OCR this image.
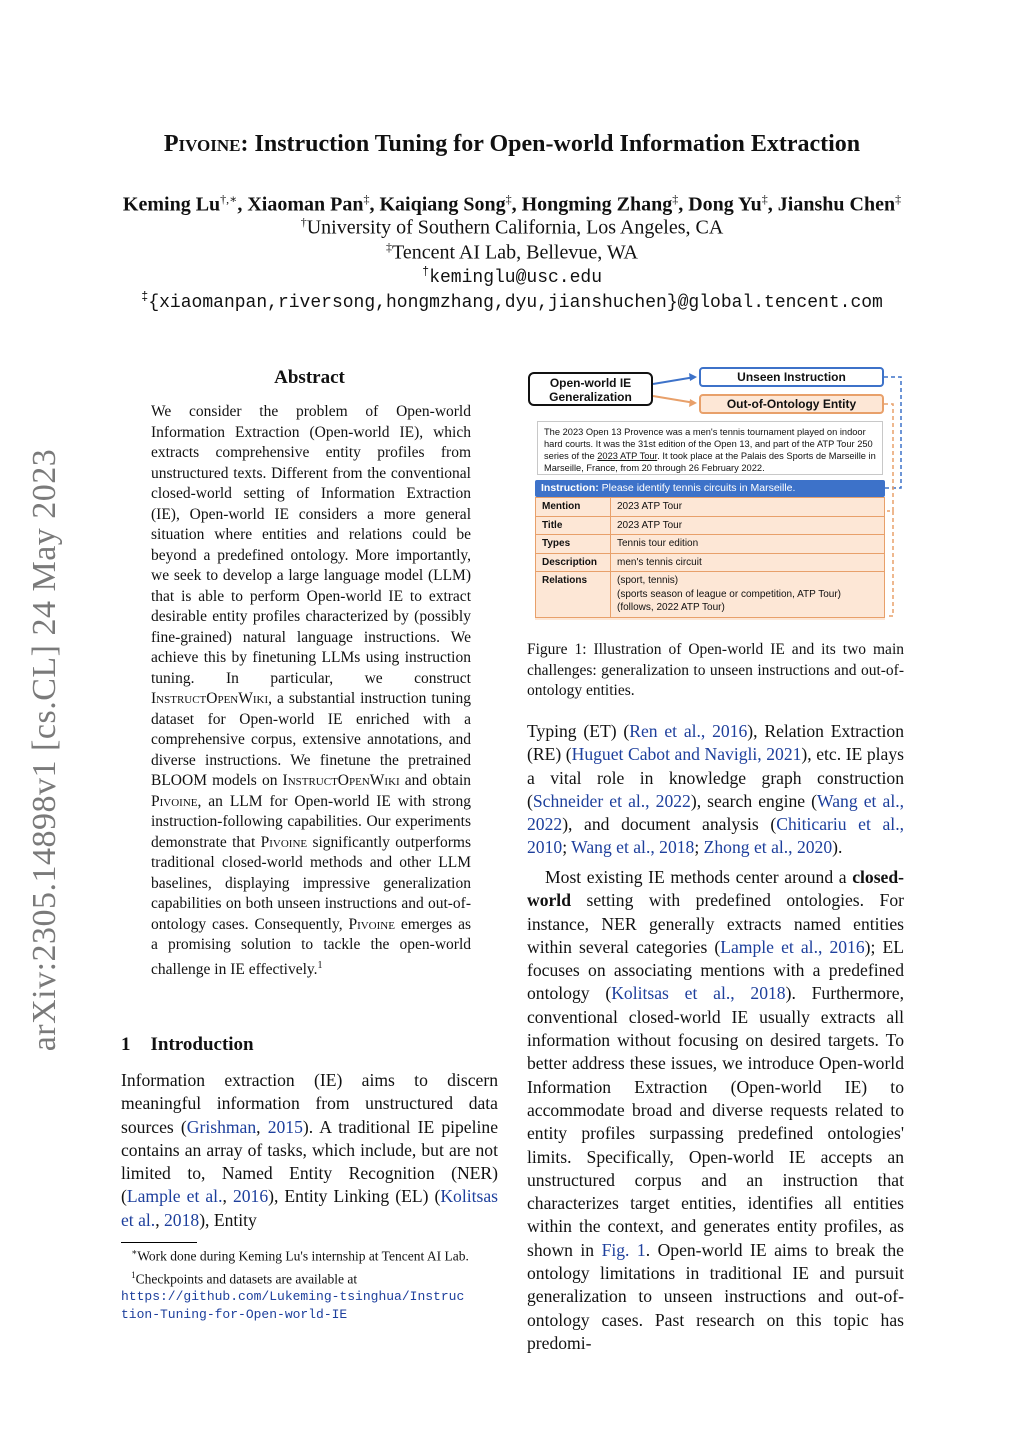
arXiv:2305.14898v1 [cs.CL] 24 May 2023
Pivoine: Instruction Tuning for Open-world Information Extraction
Keming Lu†,∗, Xiaoman Pan‡, Kaiqiang Song‡, Hongming Zhang‡, Dong Yu‡, Jianshu Chen‡
†University of Southern California, Los Angeles, CA
‡Tencent AI Lab, Bellevue, WA
†keminglu@usc.edu
‡{xiaomanpan,riversong,hongmzhang,dyu,jianshuchen}@global.tencent.com
Abstract
We consider the problem of Open-world Information Extraction (Open-world IE), which extracts comprehensive entity profiles from unstructured texts. Different from the conventional closed-world setting of Information Extraction (IE), Open-world IE considers a more general situation where entities and relations could be beyond a predefined ontology. More importantly, we seek to develop a large language model (LLM) that is able to perform Open-world IE to extract desirable entity profiles characterized by (possibly fine-grained) natural language instructions. We achieve this by finetuning LLMs using instruction tuning. In particular, we construct InstructOpenWiki, a substantial instruction tuning dataset for Open-world IE enriched with a comprehensive corpus, extensive annotations, and diverse instructions. We finetune the pretrained BLOOM models on InstructOpenWiki and obtain Pivoine, an LLM for Open-world IE with strong instruction-following capabilities. Our experiments demonstrate that Pivoine significantly outperforms traditional closed-world methods and other LLM baselines, displaying impressive generalization capabilities on both unseen instructions and out-of-ontology cases. Consequently, Pivoine emerges as a promising solution to tackle the open-world challenge in IE effectively.$^1$
1 Introduction
Information extraction (IE) aims to discern meaningful information from unstructured data sources (Grishman, 2015). A traditional IE pipeline contains an array of tasks, which include, but are not limited to, Named Entity Recognition (NER) (Lample et al., 2016), Entity Linking (EL) (Kolitsas et al., 2018), Entity
∗Work done during Keming Lu's internship at Tencent AI Lab.
$^1$Checkpoints and datasets are available at
https://github.com/Lukeming-tsinghua/Instruction-Tuning-for-Open-world-IE
Open-world IE Generalization
Unseen Instruction
Out-of-Ontology Entity
The 2023 Open 13 Provence was a men's tennis tournament played on indoor hard courts. It was the 31st edition of the Open 13, and part of the ATP Tour 250 series of the 2023 ATP Tour. It took place at the Palais des Sports de Marseille in Marseille, France, from 20 through 26 February 2022.
Instruction: Please identify tennis circuits in Marseille.
Mention	2023 ATP Tour
Title	2023 ATP Tour
Types	Tennis tour edition
Description	men's tennis circuit
Relations	(sport, tennis)
(sports season of league or competition, ATP Tour)
(follows, 2022 ATP Tour)
Figure 1: Illustration of Open-world IE and its two main challenges: generalization to unseen instructions and out-of-ontology entities.
Typing (ET) (Ren et al., 2016), Relation Extraction (RE) (Huguet Cabot and Navigli, 2021), etc. IE plays a vital role in knowledge graph construction (Schneider et al., 2022), search engine (Wang et al., 2022), and document analysis (Chiticariu et al., 2010; Wang et al., 2018; Zhong et al., 2020).
Most existing IE methods center around a closed-world setting with predefined ontologies. For instance, NER generally extracts named entities within several categories (Lample et al., 2016); EL focuses on associating mentions with a predefined ontology (Kolitsas et al., 2018). Furthermore, conventional closed-world IE usually extracts all information without focusing on desired targets. To better address these issues, we introduce Open-world Information Extraction (Open-world IE) to accommodate broad and diverse requests related to entity profiles surpassing predefined ontologies' limits. Specifically, Open-world IE accepts an unstructured corpus and an instruction that characterizes target entities, identifies all entities within the context, and generates entity profiles, as shown in Fig. 1. Open-world IE aims to break the ontology limitations in traditional IE and pursuit generalization to unseen instructions and out-of-ontology cases. Past research on this topic has predomi-
